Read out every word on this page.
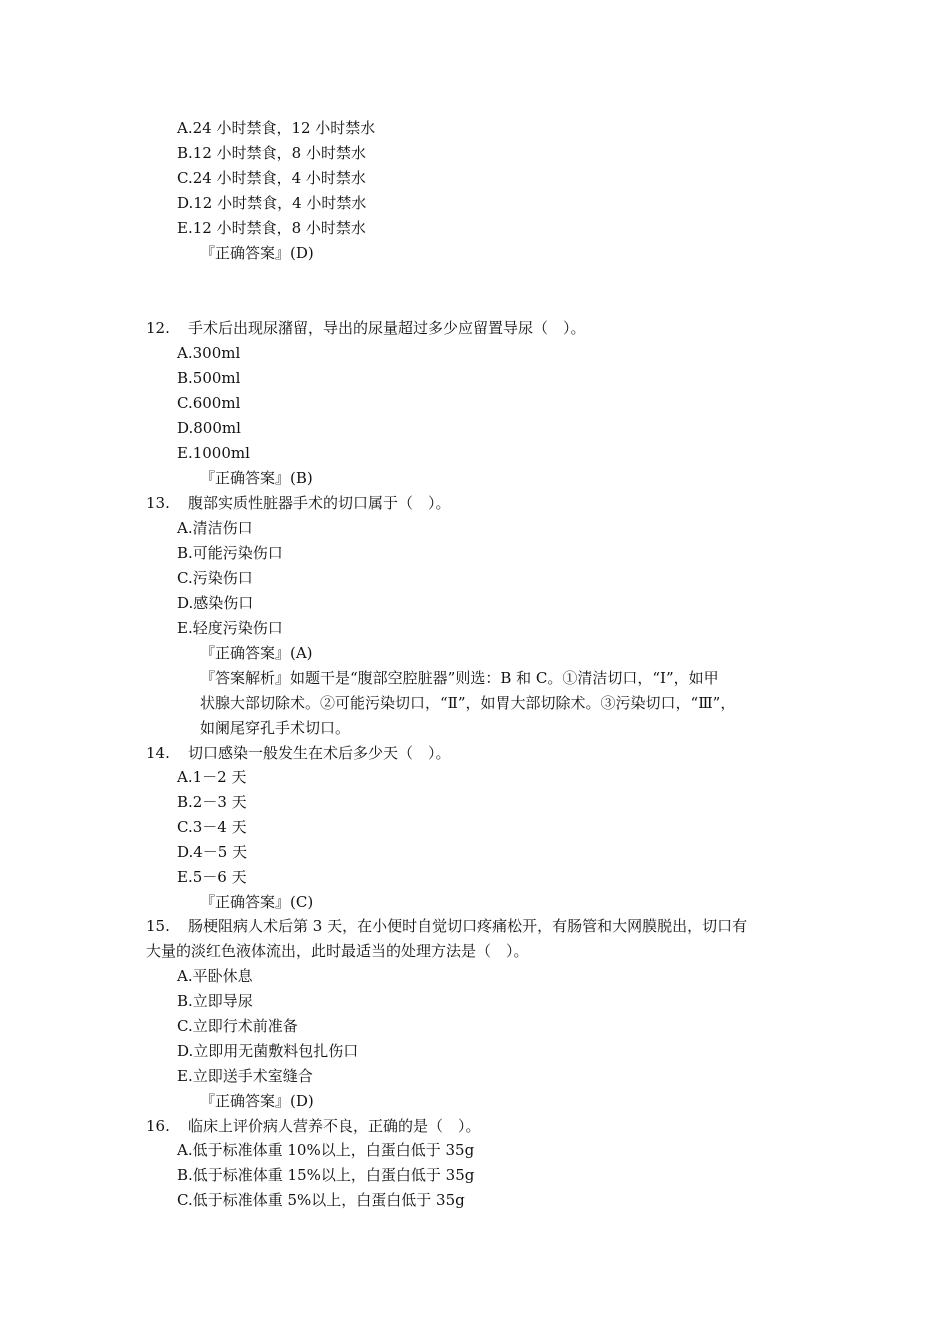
A.24 小时禁食，12 小时禁水
B.12 小时禁食，8 小时禁水
C.24 小时禁食，4 小时禁水
D.12 小时禁食，4 小时禁水
E.12 小时禁食，8 小时禁水
『正确答案』(D)
12. 手术后出现尿潴留，导出的尿量超过多少应留置导尿（　）。
A.300ml
B.500ml
C.600ml
D.800ml
E.1000ml
『正确答案』(B)
13. 腹部实质性脏器手术的切口属于（　）。
A.清洁伤口
B.可能污染伤口
C.污染伤口
D.感染伤口
E.轻度污染伤口
『正确答案』(A)
『答案解析』如题干是“腹部空腔脏器”则选：B 和 C。①清洁切口，“Ⅰ”，如甲
状腺大部切除术。②可能污染切口，“Ⅱ”，如胃大部切除术。③污染切口，“Ⅲ”，
如阑尾穿孔手术切口。
14. 切口感染一般发生在术后多少天（　）。
A.1－2 天
B.2－3 天
C.3－4 天
D.4－5 天
E.5－6 天
『正确答案』(C)
15. 肠梗阻病人术后第 3 天，在小便时自觉切口疼痛松开，有肠管和大网膜脱出，切口有
大量的淡红色液体流出，此时最适当的处理方法是（　）。
A.平卧休息
B.立即导尿
C.立即行术前准备
D.立即用无菌敷料包扎伤口
E.立即送手术室缝合
『正确答案』(D)
16. 临床上评价病人营养不良，正确的是（　）。
A.低于标准体重 10%以上，白蛋白低于 35g
B.低于标准体重 15%以上，白蛋白低于 35g
C.低于标准体重 5%以上，白蛋白低于 35g
